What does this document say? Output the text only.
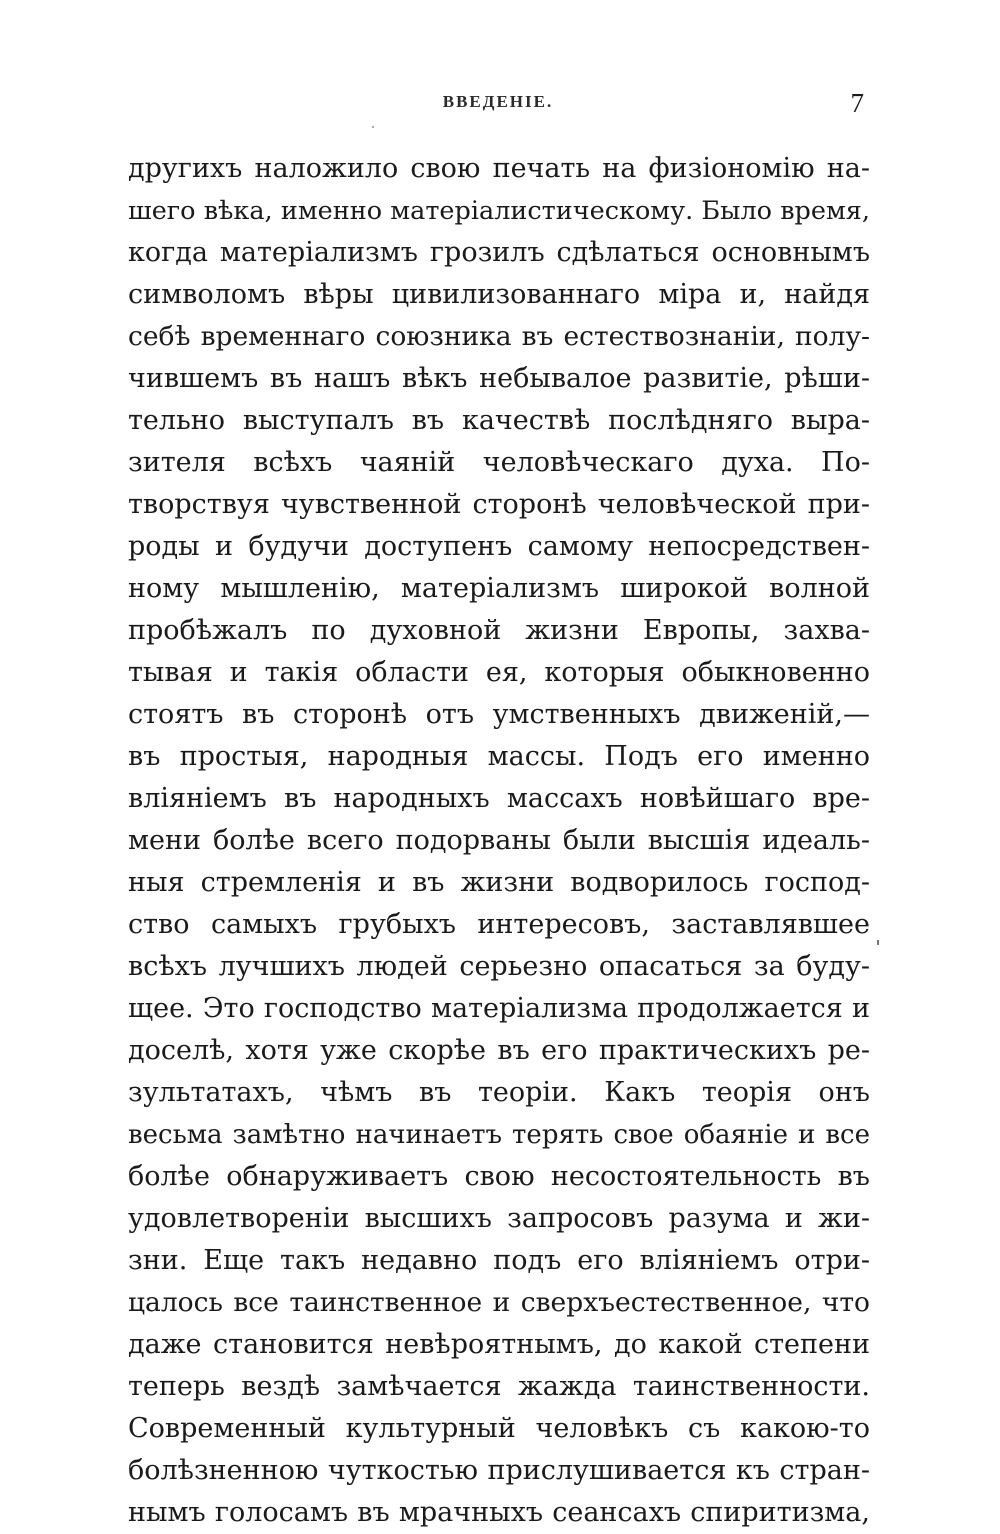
ВВЕДЕНІЕ.	7
другихъ наложило свою печать на физіономію на-
шего вѣка, именно матеріалистическому. Было время,
когда матеріализмъ грозилъ сдѣлаться основнымъ
символомъ вѣры цивилизованнаго міра и, найдя
себѣ временнаго союзника въ естествознаніи, полу-
чившемъ въ нашъ вѣкъ небывалое развитіе, рѣши-
тельно выступалъ въ качествѣ послѣдняго выра-
зителя всѣхъ чаяній человѣческаго духа. По-
творствуя чувственной сторонѣ человѣческой при-
роды и будучи доступенъ самому непосредствен-
ному мышленію, матеріализмъ широкой волной
пробѣжалъ по духовной жизни Европы, захва-
тывая и такія области ея, которыя обыкновенно
стоятъ въ сторонѣ отъ умственныхъ движеній,—
въ простыя, народныя массы. Подъ его именно
вліяніемъ въ народныхъ массахъ новѣйшаго вре-
мени болѣе всего подорваны были высшія идеаль-
ныя стремленія и въ жизни водворилось господ-
ство самыхъ грубыхъ интересовъ, заставлявшее
всѣхъ лучшихъ людей серьезно опасаться за буду-
щее. Это господство матеріализма продолжается и
доселѣ, хотя уже скорѣе въ его практическихъ ре-
зультатахъ, чѣмъ въ теоріи. Какъ теорія онъ
весьма замѣтно начинаетъ терять свое обаяніе и все
болѣе обнаруживаетъ свою несостоятельность въ
удовлетвореніи высшихъ запросовъ разума и жи-
зни. Еще такъ недавно подъ его вліяніемъ отри-
цалось все таинственное и сверхъестественное, что
даже становится невѣроятнымъ, до какой степени
теперь вездѣ замѣчается жажда таинственности.
Современный культурный человѣкъ съ какою-то
болѣзненною чуткостью прислушивается къ стран-
нымъ голосамъ въ мрачныхъ сеансахъ спиритизма,
